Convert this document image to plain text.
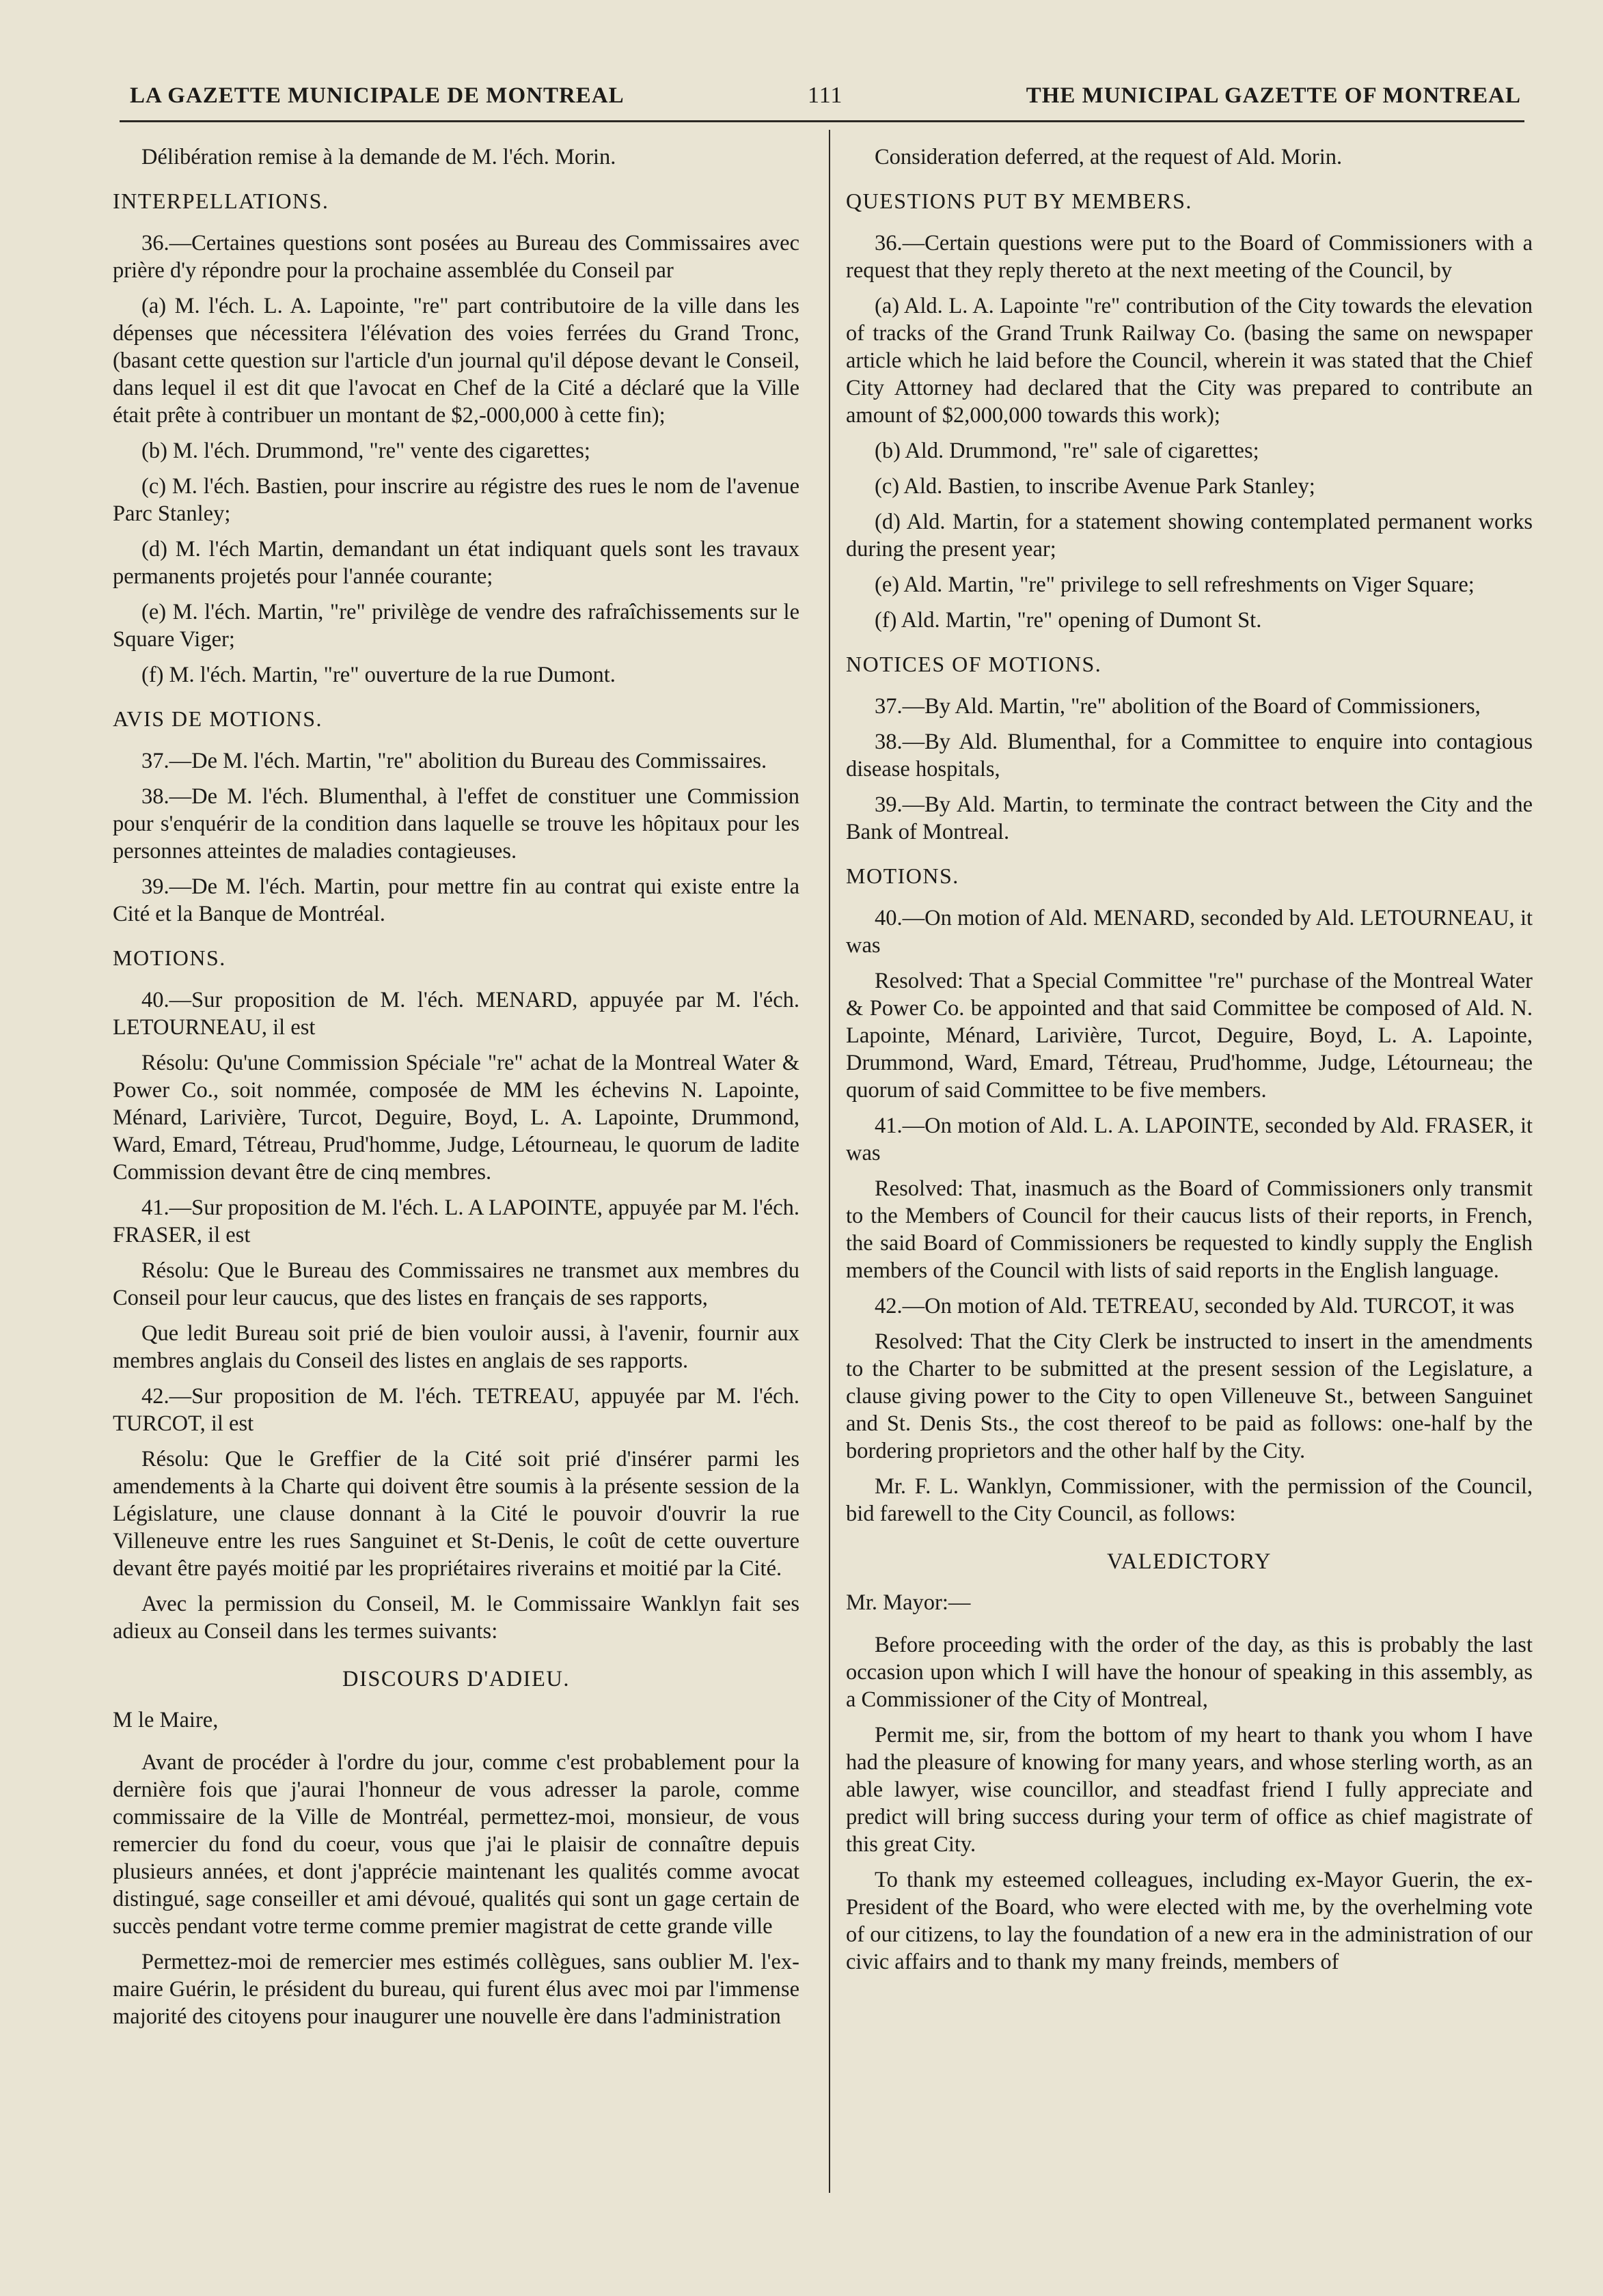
LA GAZETTE MUNICIPALE DE MONTREAL	111	THE MUNICIPAL GAZETTE OF MONTREAL

Délibération remise à la demande de M. l'éch. Morin.

INTERPELLATIONS.

36.—Certaines questions sont posées au Bureau des Commissaires avec prière d'y répondre pour la prochaine assemblée du Conseil par

(a) M. l'éch. L. A. Lapointe, "re" part contributoire de la ville dans les dépenses que nécessitera l'élévation des voies ferrées du Grand Tronc, (basant cette question sur l'article d'un journal qu'il dépose devant le Conseil, dans lequel il est dit que l'avocat en Chef de la Cité a déclaré que la Ville était prête à contribuer un montant de $2,-000,000 à cette fin);

(b) M. l'éch. Drummond, "re" vente des cigarettes;

(c) M. l'éch. Bastien, pour inscrire au régistre des rues le nom de l'avenue Parc Stanley;

(d) M. l'éch Martin, demandant un état indiquant quels sont les travaux permanents projetés pour l'année courante;

(e) M. l'éch. Martin, "re" privilège de vendre des rafraîchissements sur le Square Viger;

(f) M. l'éch. Martin, "re" ouverture de la rue Dumont.

AVIS DE MOTIONS.

37.—De M. l'éch. Martin, "re" abolition du Bureau des Commissaires.

38.—De M. l'éch. Blumenthal, à l'effet de constituer une Commission pour s'enquérir de la condition dans laquelle se trouve les hôpitaux pour les personnes atteintes de maladies contagieuses.

39.—De M. l'éch. Martin, pour mettre fin au contrat qui existe entre la Cité et la Banque de Montréal.

MOTIONS.

40.—Sur proposition de M. l'éch. MENARD, appuyée par M. l'éch. LETOURNEAU, il est

Résolu: Qu'une Commission Spéciale "re" achat de la Montreal Water & Power Co., soit nommée, composée de MM les échevins N. Lapointe, Ménard, Larivière, Turcot, Deguire, Boyd, L. A. Lapointe, Drummond, Ward, Emard, Tétreau, Prud'homme, Judge, Létourneau, le quorum de ladite Commission devant être de cinq membres.

41.—Sur proposition de M. l'éch. L. A LAPOINTE, appuyée par M. l'éch. FRASER, il est

Résolu: Que le Bureau des Commissaires ne transmet aux membres du Conseil pour leur caucus, que des listes en français de ses rapports,

Que ledit Bureau soit prié de bien vouloir aussi, à l'avenir, fournir aux membres anglais du Conseil des listes en anglais de ses rapports.

42.—Sur proposition de M. l'éch. TETREAU, appuyée par M. l'éch. TURCOT, il est

Résolu: Que le Greffier de la Cité soit prié d'insérer parmi les amendements à la Charte qui doivent être soumis à la présente session de la Législature, une clause donnant à la Cité le pouvoir d'ouvrir la rue Villeneuve entre les rues Sanguinet et St-Denis, le coût de cette ouverture devant être payés moitié par les propriétaires riverains et moitié par la Cité.

Avec la permission du Conseil, M. le Commissaire Wanklyn fait ses adieux au Conseil dans les termes suivants:

DISCOURS D'ADIEU.
M le Maire,

Avant de procéder à l'ordre du jour, comme c'est probablement pour la dernière fois que j'aurai l'honneur de vous adresser la parole, comme commissaire de la Ville de Montréal, permettez-moi, monsieur, de vous remercier du fond du coeur, vous que j'ai le plaisir de connaître depuis plusieurs années, et dont j'apprécie maintenant les qualités comme avocat distingué, sage conseiller et ami dévoué, qualités qui sont un gage certain de succès pendant votre terme comme premier magistrat de cette grande ville

Permettez-moi de remercier mes estimés collègues, sans oublier M. l'ex-maire Guérin, le président du bureau, qui furent élus avec moi par l'immense majorité des citoyens pour inaugurer une nouvelle ère dans l'administration

Consideration deferred, at the request of Ald. Morin.

QUESTIONS PUT BY MEMBERS.

36.—Certain questions were put to the Board of Commissioners with a request that they reply thereto at the next meeting of the Council, by

(a) Ald. L. A. Lapointe "re" contribution of the City towards the elevation of tracks of the Grand Trunk Railway Co. (basing the same on newspaper article which he laid before the Council, wherein it was stated that the Chief City Attorney had declared that the City was prepared to contribute an amount of $2,000,000 towards this work);

(b) Ald. Drummond, "re" sale of cigarettes;

(c) Ald. Bastien, to inscribe Avenue Park Stanley;

(d) Ald. Martin, for a statement showing contemplated permanent works during the present year;

(e) Ald. Martin, "re" privilege to sell refreshments on Viger Square;

(f) Ald. Martin, "re" opening of Dumont St.

NOTICES OF MOTIONS.

37.—By Ald. Martin, "re" abolition of the Board of Commissioners,

38.—By Ald. Blumenthal, for a Committee to enquire into contagious disease hospitals,

39.—By Ald. Martin, to terminate the contract between the City and the Bank of Montreal.

MOTIONS.

40.—On motion of Ald. MENARD, seconded by Ald. LETOURNEAU, it was

Resolved: That a Special Committee "re" purchase of the Montreal Water & Power Co. be appointed and that said Committee be composed of Ald. N. Lapointe, Ménard, Larivière, Turcot, Deguire, Boyd, L. A. Lapointe, Drummond, Ward, Emard, Tétreau, Prud'homme, Judge, Létourneau; the quorum of said Committee to be five members.

41.—On motion of Ald. L. A. LAPOINTE, seconded by Ald. FRASER, it was

Resolved: That, inasmuch as the Board of Commissioners only transmit to the Members of Council for their caucus lists of their reports, in French, the said Board of Commissioners be requested to kindly supply the English members of the Council with lists of said reports in the English language.

42.—On motion of Ald. TETREAU, seconded by Ald. TURCOT, it was

Resolved: That the City Clerk be instructed to insert in the amendments to the Charter to be submitted at the present session of the Legislature, a clause giving power to the City to open Villeneuve St., between Sanguinet and St. Denis Sts., the cost thereof to be paid as follows: one-half by the bordering proprietors and the other half by the City.

Mr. F. L. Wanklyn, Commissioner, with the permission of the Council, bid farewell to the City Council, as follows:

VALEDICTORY
Mr. Mayor:—

Before proceeding with the order of the day, as this is probably the last occasion upon which I will have the honour of speaking in this assembly, as a Commissioner of the City of Montreal,

Permit me, sir, from the bottom of my heart to thank you whom I have had the pleasure of knowing for many years, and whose sterling worth, as an able lawyer, wise councillor, and steadfast friend I fully appreciate and predict will bring success during your term of office as chief magistrate of this great City.

To thank my esteemed colleagues, including ex-Mayor Guerin, the ex-President of the Board, who were elected with me, by the overhelming vote of our citizens, to lay the foundation of a new era in the administration of our civic affairs and to thank my many freinds, members of
